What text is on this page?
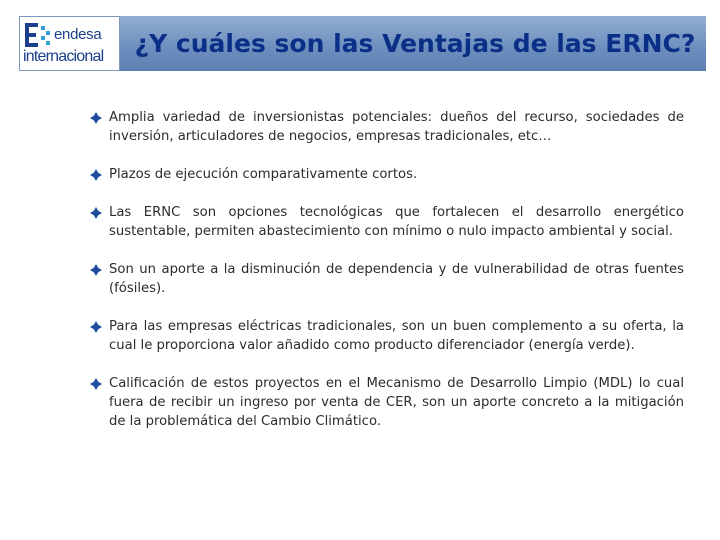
endesa
internacional ¿Y cuáles son las Ventajas de las ERNC?
Amplia variedad de inversionistas potenciales: dueños del recurso, sociedades de inversión, articuladores de negocios, empresas tradicionales, etc…
Plazos de ejecución comparativamente cortos.
Las ERNC son opciones tecnológicas que fortalecen el desarrollo energético sustentable, permiten abastecimiento con mínimo o nulo impacto ambiental y social.
Son un aporte a la disminución de dependencia y de vulnerabilidad de otras fuentes (fósiles).
Para las empresas eléctricas tradicionales, son un buen complemento a su oferta, la cual le proporciona valor añadido como producto diferenciador (energía verde).
Calificación de estos proyectos en el Mecanismo de Desarrollo Limpio (MDL) lo cual fuera de recibir un ingreso por venta de CER, son un aporte concreto a la mitigación de la problemática del Cambio Climático.
